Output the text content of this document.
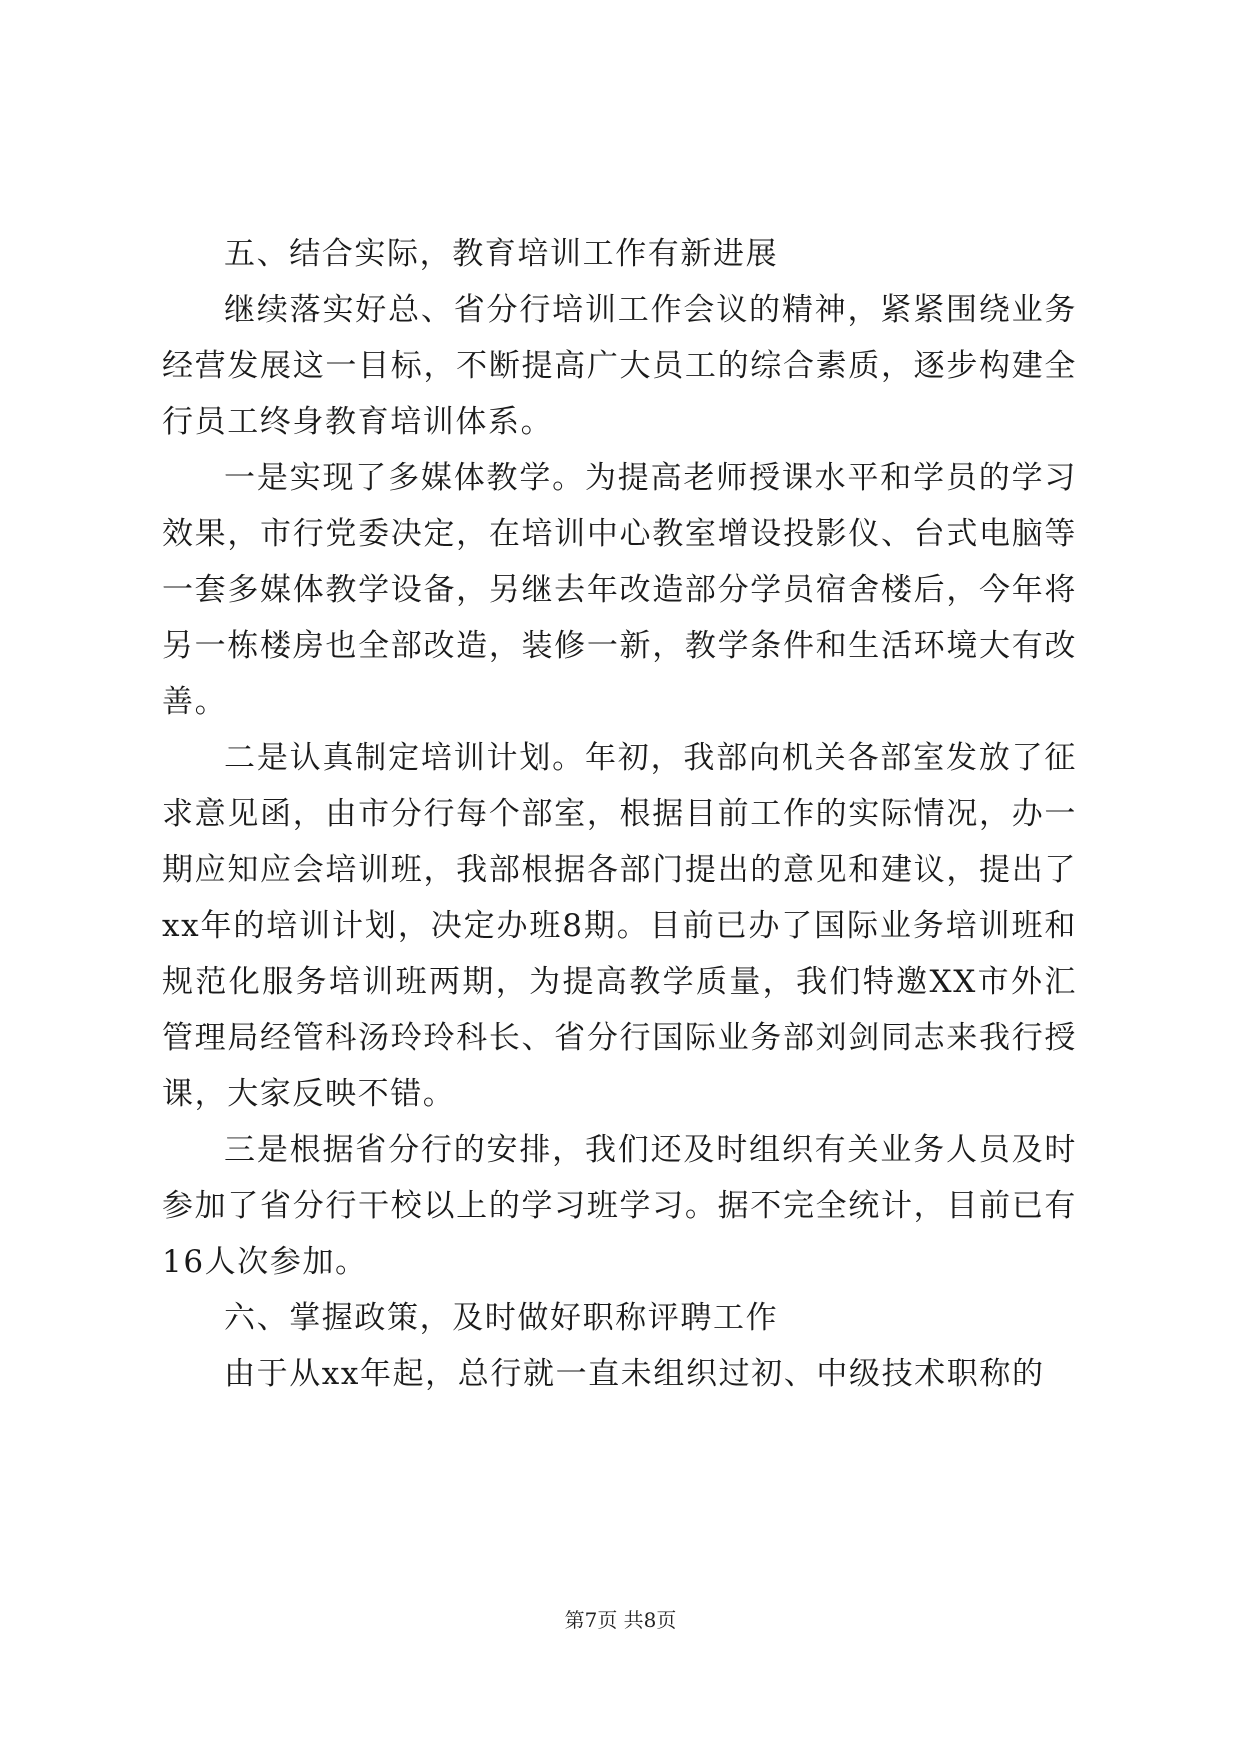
五、结合实际，教育培训工作有新进展

继续落实好总、省分行培训工作会议的精神，紧紧围绕业务经营发展这一目标，不断提高广大员工的综合素质，逐步构建全行员工终身教育培训体系。

一是实现了多媒体教学。为提高老师授课水平和学员的学习效果，市行党委决定，在培训中心教室增设投影仪、台式电脑等一套多媒体教学设备，另继去年改造部分学员宿舍楼后，今年将另一栋楼房也全部改造，装修一新，教学条件和生活环境大有改善。

二是认真制定培训计划。年初，我部向机关各部室发放了征求意见函，由市分行每个部室，根据目前工作的实际情况，办一期应知应会培训班，我部根据各部门提出的意见和建议，提出了xx年的培训计划，决定办班8期。目前已办了国际业务培训班和规范化服务培训班两期，为提高教学质量，我们特邀XX市外汇管理局经管科汤玲玲科长、省分行国际业务部刘剑同志来我行授课，大家反映不错。

三是根据省分行的安排，我们还及时组织有关业务人员及时参加了省分行干校以上的学习班学习。据不完全统计，目前已有16人次参加。

六、掌握政策，及时做好职称评聘工作

由于从xx年起，总行就一直未组织过初、中级技术职称的

第7页 共8页
